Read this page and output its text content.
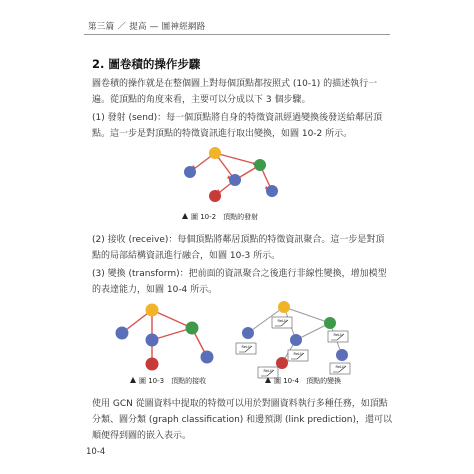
第三篇 ／ 提高 — 圖神經網路
2. 圖卷積的操作步驟

圖卷積的操作就是在整個圖上對每個頂點都按照式 (10-1) 的描述執行一遍。從頂點的角度來看，主要可以分成以下 3 個步驟。

(1) 發射 (send)：每一個頂點將自身的特徵資訊經過變換後發送給鄰居頂點。這一步是對頂點的特徵資訊進行取出變換，如圖 10-2 所示。

圖 10-2　頂點的發射

(2) 接收 (receive)：每個頂點將鄰居頂點的特徵資訊聚合。這一步是對頂點的局部結構資訊進行融合，如圖 10-3 所示。

(3) 變換 (transform)：把前面的資訊聚合之後進行非線性變換，增加模型的表達能力，如圖 10-4 所示。

圖 10-3　頂點的接收
ReLU
ReLU
ReLU
ReLU
ReLU
ReLU
圖 10-4　頂點的變換

使用 GCN 從圖資料中提取的特徵可以用於對圖資料執行多種任務，如頂點分類、圖分類 (graph classification) 和邊預測 (link prediction)，還可以順便得到圖的嵌入表示。

10-4
